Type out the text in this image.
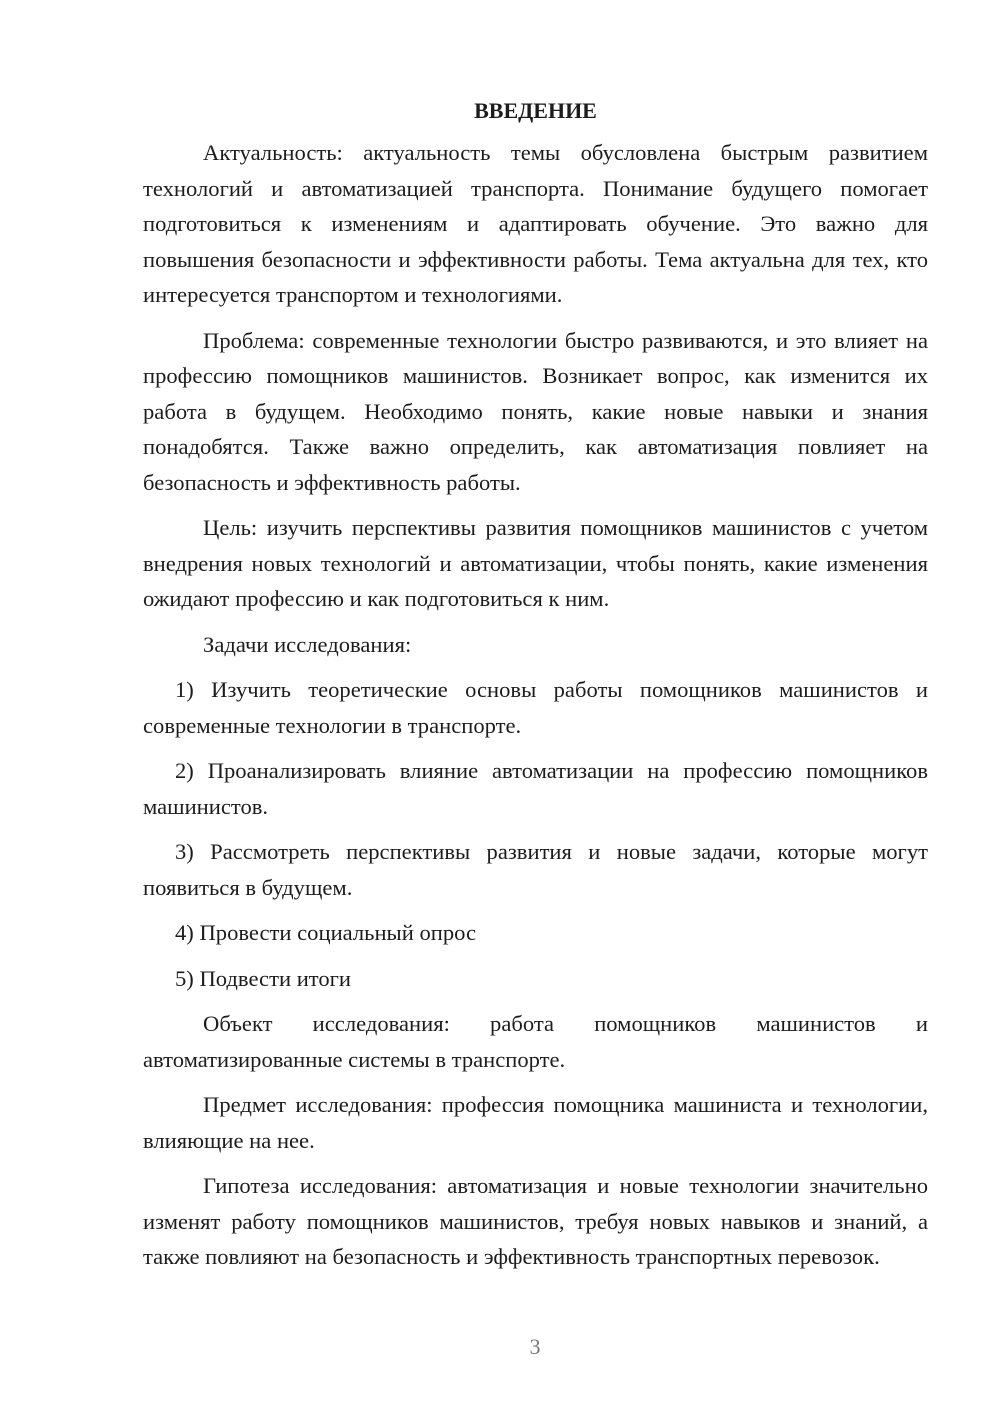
ВВЕДЕНИЕ

Актуальность: актуальность темы обусловлена быстрым развитием технологий и автоматизацией транспорта. Понимание будущего помогает подготовиться к изменениям и адаптировать обучение. Это важно для повышения безопасности и эффективности работы. Тема актуальна для тех, кто интересуется транспортом и технологиями.

Проблема: современные технологии быстро развиваются, и это влияет на профессию помощников машинистов. Возникает вопрос, как изменится их работа в будущем. Необходимо понять, какие новые навыки и знания понадобятся. Также важно определить, как автоматизация повлияет на безопасность и эффективность работы.

Цель: изучить перспективы развития помощников машинистов с учетом внедрения новых технологий и автоматизации, чтобы понять, какие изменения ожидают профессию и как подготовиться к ним.

Задачи исследования:

1) Изучить теоретические основы работы помощников машинистов и современные технологии в транспорте.

2) Проанализировать влияние автоматизации на профессию помощников машинистов.

3) Рассмотреть перспективы развития и новые задачи, которые могут появиться в будущем.

4) Провести социальный опрос

5) Подвести итоги

Объект исследования: работа помощников машинистов и автоматизированные системы в транспорте.

Предмет исследования: профессия помощника машиниста и технологии, влияющие на нее.

Гипотеза исследования: автоматизация и новые технологии значительно изменят работу помощников машинистов, требуя новых навыков и знаний, а также повлияют на безопасность и эффективность транспортных перевозок.

3
